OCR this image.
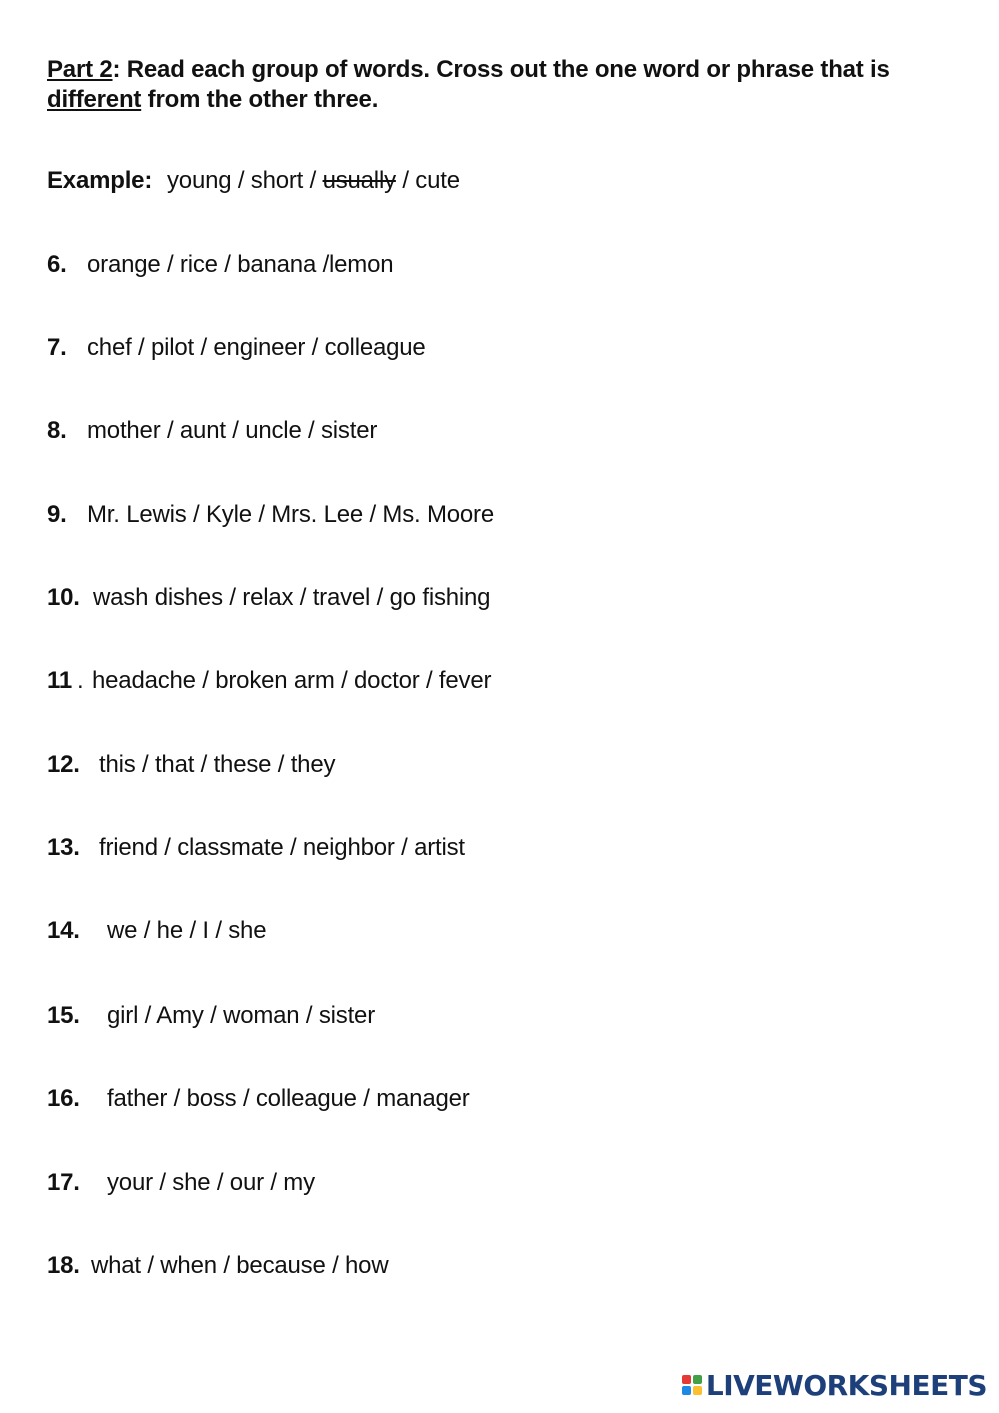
Part 2: Read each group of words. Cross out the one word or phrase that is different from the other three.
Example: young / short / usually / cute
6. orange / rice / banana /lemon
7. chef / pilot / engineer / colleague
8. mother / aunt / uncle / sister
9. Mr. Lewis / Kyle / Mrs. Lee / Ms. Moore
10. wash dishes / relax / travel / go fishing
11 . headache / broken arm / doctor / fever
12. this / that / these / they
13. friend / classmate / neighbor / artist
14. we / he / I / she
15. girl / Amy / woman / sister
16. father / boss / colleague / manager
17. your / she / our / my
18. what / when / because / how
LIVEWORKSHEETS
